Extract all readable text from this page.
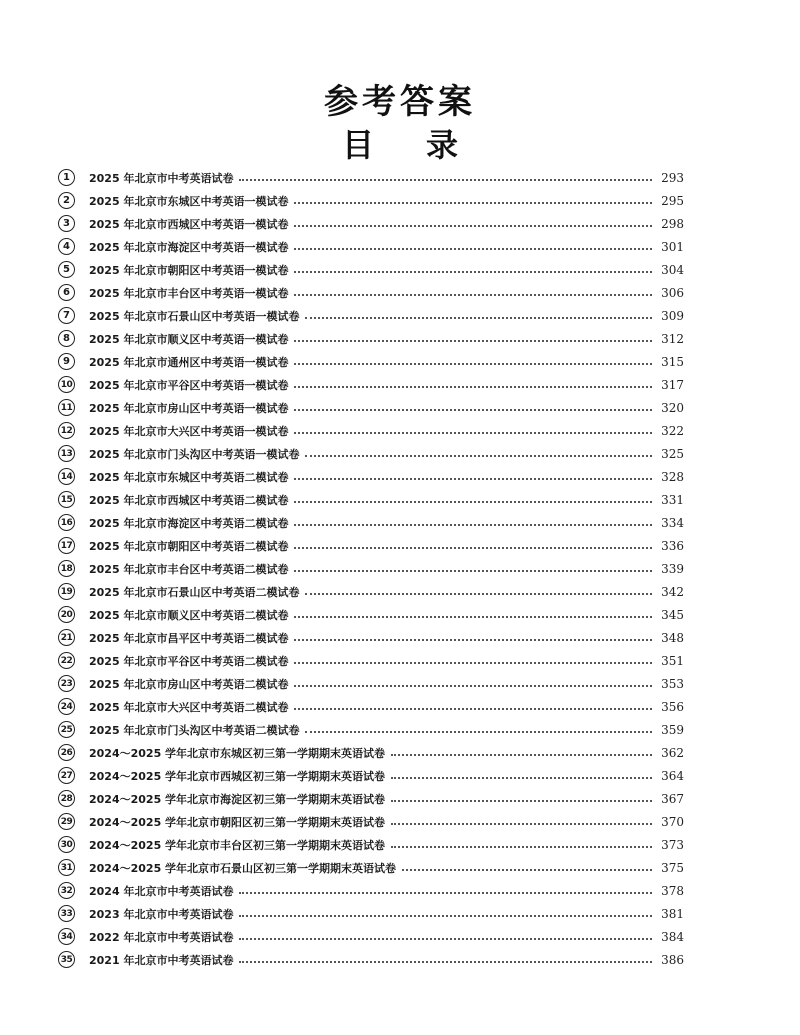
参考答案
目录
1	2025 年北京市中考英语试卷	293
2	2025 年北京市东城区中考英语一模试卷	295
3	2025 年北京市西城区中考英语一模试卷	298
4	2025 年北京市海淀区中考英语一模试卷	301
5	2025 年北京市朝阳区中考英语一模试卷	304
6	2025 年北京市丰台区中考英语一模试卷	306
7	2025 年北京市石景山区中考英语一模试卷	309
8	2025 年北京市顺义区中考英语一模试卷	312
9	2025 年北京市通州区中考英语一模试卷	315
10 2025 年北京市平谷区中考英语一模试卷	317
11 2025 年北京市房山区中考英语一模试卷	320
12 2025 年北京市大兴区中考英语一模试卷	322
13 2025 年北京市门头沟区中考英语一模试卷	325
14 2025 年北京市东城区中考英语二模试卷	328
15 2025 年北京市西城区中考英语二模试卷	331
16 2025 年北京市海淀区中考英语二模试卷	334
17 2025 年北京市朝阳区中考英语二模试卷	336
18 2025 年北京市丰台区中考英语二模试卷	339
19 2025 年北京市石景山区中考英语二模试卷	342
20 2025 年北京市顺义区中考英语二模试卷	345
21 2025 年北京市昌平区中考英语二模试卷	348
22 2025 年北京市平谷区中考英语二模试卷	351
23 2025 年北京市房山区中考英语二模试卷	353
24 2025 年北京市大兴区中考英语二模试卷	356
25 2025 年北京市门头沟区中考英语二模试卷	359
26 2024～2025 学年北京市东城区初三第一学期期末英语试卷	362
27 2024～2025 学年北京市西城区初三第一学期期末英语试卷	364
28 2024～2025 学年北京市海淀区初三第一学期期末英语试卷	367
29 2024～2025 学年北京市朝阳区初三第一学期期末英语试卷	370
30 2024～2025 学年北京市丰台区初三第一学期期末英语试卷	373
31 2024～2025 学年北京市石景山区初三第一学期期末英语试卷	375
32 2024 年北京市中考英语试卷	378
33 2023 年北京市中考英语试卷	381
34 2022 年北京市中考英语试卷	384
35 2021 年北京市中考英语试卷	386
